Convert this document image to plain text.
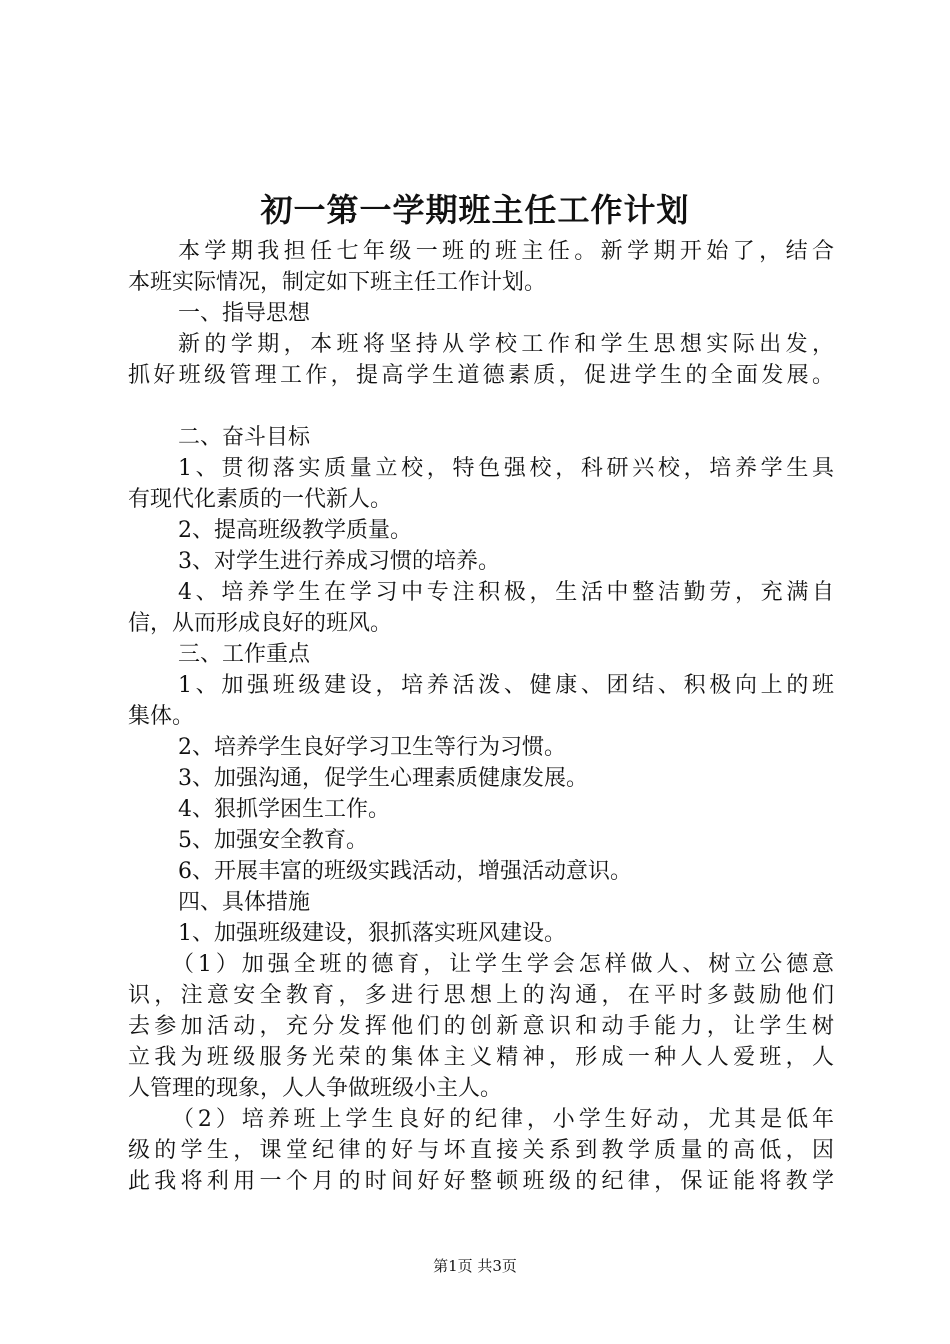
初一第一学期班主任工作计划
本学期我担任七年级一班的班主任。新学期开始了，结合
本班实际情况，制定如下班主任工作计划。
一、指导思想
新的学期，本班将坚持从学校工作和学生思想实际出发，
抓好班级管理工作，提高学生道德素质，促进学生的全面发展。
二、奋斗目标
1、贯彻落实质量立校，特色强校，科研兴校，培养学生具
有现代化素质的一代新人。
2、提高班级教学质量。
3、对学生进行养成习惯的培养。
4、培养学生在学习中专注积极，生活中整洁勤劳，充满自
信，从而形成良好的班风。
三、工作重点
1、加强班级建设，培养活泼、健康、团结、积极向上的班
集体。
2、培养学生良好学习卫生等行为习惯。
3、加强沟通，促学生心理素质健康发展。
4、狠抓学困生工作。
5、加强安全教育。
6、开展丰富的班级实践活动，增强活动意识。
四、具体措施
1、加强班级建设，狠抓落实班风建设。
（1）加强全班的德育，让学生学会怎样做人、树立公德意
识，注意安全教育，多进行思想上的沟通，在平时多鼓励他们
去参加活动，充分发挥他们的创新意识和动手能力，让学生树
立我为班级服务光荣的集体主义精神，形成一种人人爱班，人
人管理的现象，人人争做班级小主人。
（2）培养班上学生良好的纪律，小学生好动，尤其是低年
级的学生，课堂纪律的好与坏直接关系到教学质量的高低，因
此我将利用一个月的时间好好整顿班级的纪律，保证能将教学
第1页 共3页
